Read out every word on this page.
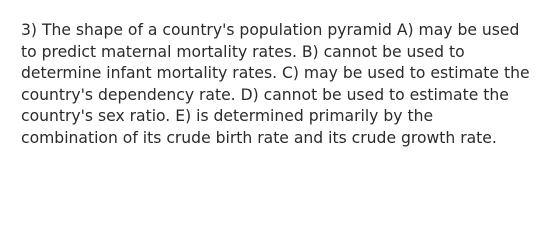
3) The shape of a country's population pyramid A) may be used
to predict maternal mortality rates. B) cannot be used to
determine infant mortality rates. C) may be used to estimate the
country's dependency rate. D) cannot be used to estimate the
country's sex ratio. E) is determined primarily by the
combination of its crude birth rate and its crude growth rate.
